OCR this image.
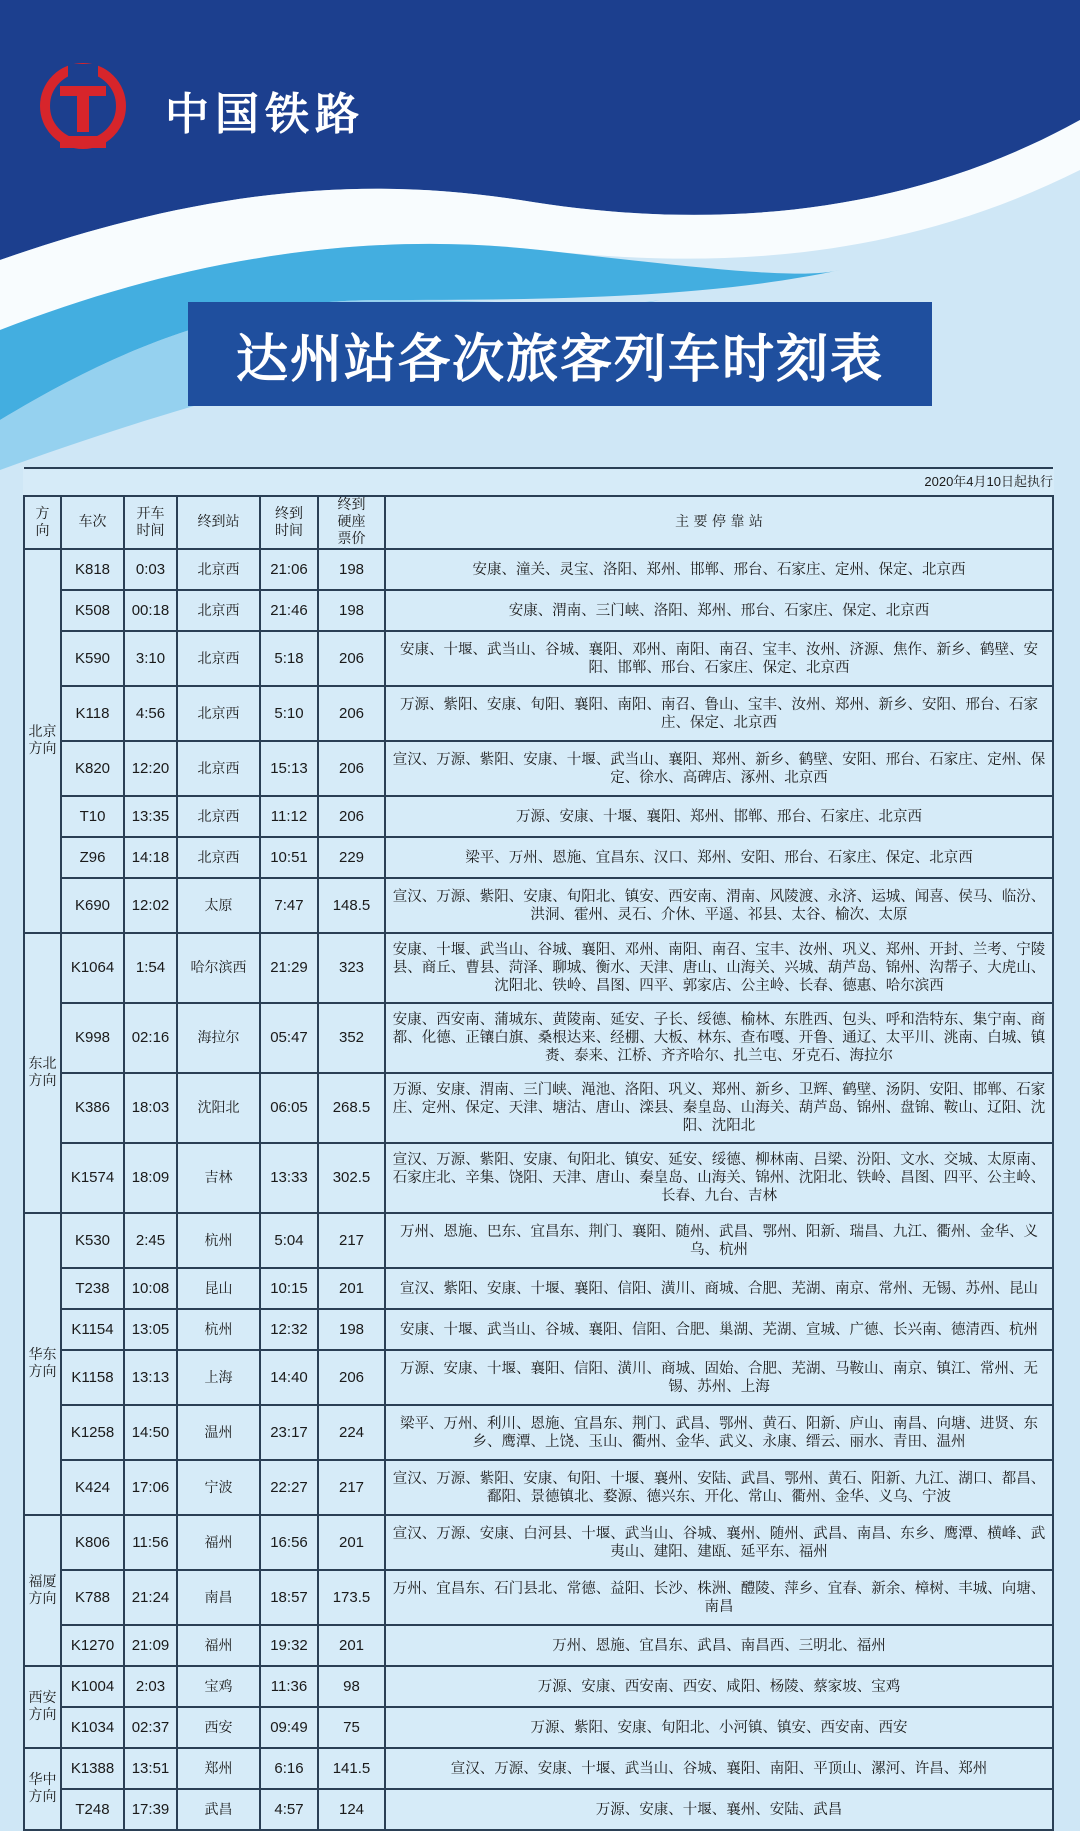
中国铁路
达州站各次旅客列车时刻表
2020年4月10日起执行						
方向	车次	开车时间	终到站	终到时间	终到硬座票价	主 要 停 靠 站
北京方向	K818	0:03	北京西	21:06	198	安康、潼关、灵宝、洛阳、郑州、邯郸、邢台、石家庄、定州、保定、北京西
	K508	00:18	北京西	21:46	198	安康、渭南、三门峡、洛阳、郑州、邢台、石家庄、保定、北京西
	K590	3:10	北京西	5:18	206	安康、十堰、武当山、谷城、襄阳、邓州、南阳、南召、宝丰、汝州、济源、焦作、新乡、鹤壁、安阳、邯郸、邢台、石家庄、保定、北京西
	K118	4:56	北京西	5:10	206	万源、紫阳、安康、旬阳、襄阳、南阳、南召、鲁山、宝丰、汝州、郑州、新乡、安阳、邢台、石家庄、保定、北京西
	K820	12:20	北京西	15:13	206	宣汉、万源、紫阳、安康、十堰、武当山、襄阳、郑州、新乡、鹤壁、安阳、邢台、石家庄、定州、保定、徐水、高碑店、涿州、北京西
	T10	13:35	北京西	11:12	206	万源、安康、十堰、襄阳、郑州、邯郸、邢台、石家庄、北京西
	Z96	14:18	北京西	10:51	229	梁平、万州、恩施、宜昌东、汉口、郑州、安阳、邢台、石家庄、保定、北京西
	K690	12:02	太原	7:47	148.5	宣汉、万源、紫阳、安康、旬阳北、镇安、西安南、渭南、风陵渡、永济、运城、闻喜、侯马、临汾、洪洞、霍州、灵石、介休、平遥、祁县、太谷、榆次、太原
东北方向	K1064	1:54	哈尔滨西	21:29	323	安康、十堰、武当山、谷城、襄阳、邓州、南阳、南召、宝丰、汝州、巩义、郑州、开封、兰考、宁陵县、商丘、曹县、菏泽、聊城、衡水、天津、唐山、山海关、兴城、葫芦岛、锦州、沟帮子、大虎山、沈阳北、铁岭、昌图、四平、郭家店、公主岭、长春、德惠、哈尔滨西
	K998	02:16	海拉尔	05:47	352	安康、西安南、蒲城东、黄陵南、延安、子长、绥德、榆林、东胜西、包头、呼和浩特东、集宁南、商都、化德、正镶白旗、桑根达来、经棚、大板、林东、查布嘎、开鲁、通辽、太平川、洮南、白城、镇赉、泰来、江桥、齐齐哈尔、扎兰屯、牙克石、海拉尔
	K386	18:03	沈阳北	06:05	268.5	万源、安康、渭南、三门峡、渑池、洛阳、巩义、郑州、新乡、卫辉、鹤壁、汤阴、安阳、邯郸、石家庄、定州、保定、天津、塘沽、唐山、滦县、秦皇岛、山海关、葫芦岛、锦州、盘锦、鞍山、辽阳、沈阳、沈阳北
	K1574	18:09	吉林	13:33	302.5	宣汉、万源、紫阳、安康、旬阳北、镇安、延安、绥德、柳林南、吕梁、汾阳、文水、交城、太原南、石家庄北、辛集、饶阳、天津、唐山、秦皇岛、山海关、锦州、沈阳北、铁岭、昌图、四平、公主岭、长春、九台、吉林
华东方向	K530	2:45	杭州	5:04	217	万州、恩施、巴东、宜昌东、荆门、襄阳、随州、武昌、鄂州、阳新、瑞昌、九江、衢州、金华、义乌、杭州
	T238	10:08	昆山	10:15	201	宣汉、紫阳、安康、十堰、襄阳、信阳、潢川、商城、合肥、芜湖、南京、常州、无锡、苏州、昆山
	K1154	13:05	杭州	12:32	198	安康、十堰、武当山、谷城、襄阳、信阳、合肥、巢湖、芜湖、宣城、广德、长兴南、德清西、杭州
	K1158	13:13	上海	14:40	206	万源、安康、十堰、襄阳、信阳、潢川、商城、固始、合肥、芜湖、马鞍山、南京、镇江、常州、无锡、苏州、上海
	K1258	14:50	温州	23:17	224	梁平、万州、利川、恩施、宜昌东、荆门、武昌、鄂州、黄石、阳新、庐山、南昌、向塘、进贤、东乡、鹰潭、上饶、玉山、衢州、金华、武义、永康、缙云、丽水、青田、温州
	K424	17:06	宁波	22:27	217	宣汉、万源、紫阳、安康、旬阳、十堰、襄州、安陆、武昌、鄂州、黄石、阳新、九江、湖口、都昌、鄱阳、景德镇北、婺源、德兴东、开化、常山、衢州、金华、义乌、宁波
福厦方向	K806	11:56	福州	16:56	201	宣汉、万源、安康、白河县、十堰、武当山、谷城、襄州、随州、武昌、南昌、东乡、鹰潭、横峰、武夷山、建阳、建瓯、延平东、福州
	K788	21:24	南昌	18:57	173.5	万州、宜昌东、石门县北、常德、益阳、长沙、株洲、醴陵、萍乡、宜春、新余、樟树、丰城、向塘、南昌
	K1270	21:09	福州	19:32	201	万州、恩施、宜昌东、武昌、南昌西、三明北、福州
西安方向	K1004	2:03	宝鸡	11:36	98	万源、安康、西安南、西安、咸阳、杨陵、蔡家坡、宝鸡
	K1034	02:37	西安	09:49	75	万源、紫阳、安康、旬阳北、小河镇、镇安、西安南、西安
华中方向	K1388	13:51	郑州	6:16	141.5	宣汉、万源、安康、十堰、武当山、谷城、襄阳、南阳、平顶山、漯河、许昌、郑州
	T248	17:39	武昌	4:57	124	万源、安康、十堰、襄州、安陆、武昌
